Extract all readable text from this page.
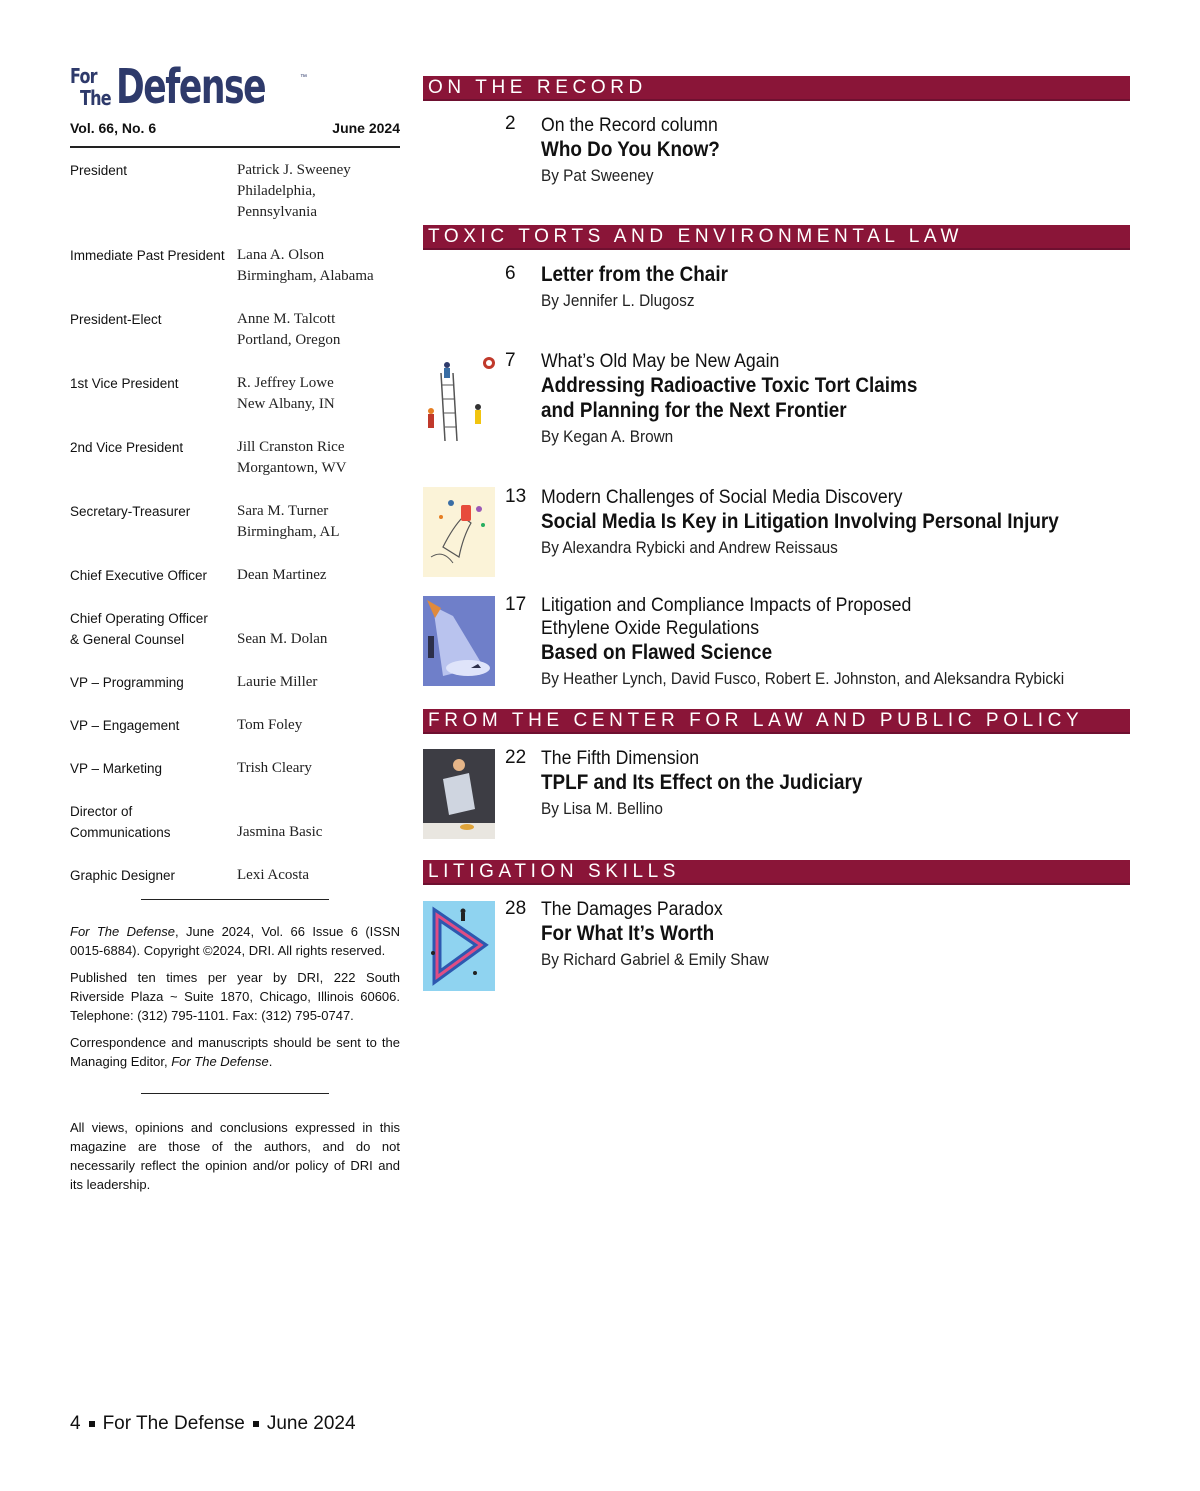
For
The Defense	™
Vol. 66, No. 6	June 2024
President	Patrick J. Sweeney
Philadelphia,
Pennsylvania
Immediate Past President Lana A. Olson
Birmingham, Alabama
President-Elect	Anne M. Talcott
Portland, Oregon
1st Vice President	R. Jeffrey Lowe
New Albany, IN
2nd Vice President	Jill Cranston Rice
Morgantown, WV
Secretary-Treasurer	Sara M. Turner
Birmingham, AL
Chief Executive Officer	Dean Martinez
Chief Operating Officer
& General Counsel	Sean M. Dolan
VP – Programming	Laurie Miller
VP – Engagement	Tom Foley
VP – Marketing	Trish Cleary
Director of
Communications	Jasmina Basic
Graphic Designer	Lexi Acosta

For The Defense, June 2024, Vol. 66 Issue 6 (ISSN 0015-6884). Copyright ©2024, DRI. All rights reserved.

Published ten times per year by DRI, 222 South Riverside Plaza ~ Suite 1870, Chicago, Illinois 60606. Telephone: (312) 795-1101. Fax: (312) 795-0747.

Correspondence and manuscripts should be sent to the Managing Editor, For The Defense.

All views, opinions and conclusions expressed in this magazine are those of the authors, and do not necessarily reflect the opinion and/or policy of DRI and its leadership.

ON THE RECORD
2 On the Record column
Who Do You Know?
By Pat Sweeney
TOXIC TORTS AND ENVIRONMENTAL LAW
6 Letter from the Chair
By Jennifer L. Dlugosz
7 What’s Old May be New Again
Addressing Radioactive Toxic Tort Claims
and Planning for the Next Frontier
By Kegan A. Brown
13 Modern Challenges of Social Media Discovery
Social Media Is Key in Litigation Involving Personal Injury
By Alexandra Rybicki and Andrew Reissaus
17 Litigation and Compliance Impacts of Proposed
Ethylene Oxide Regulations
Based on Flawed Science
By Heather Lynch, David Fusco, Robert E. Johnston, and Aleksandra Rybicki
FROM THE CENTER FOR LAW AND PUBLIC POLICY
22 The Fifth Dimension
TPLF and Its Effect on the Judiciary
By Lisa M. Bellino
LITIGATION SKILLS
28 The Damages Paradox
For What It’s Worth
By Richard Gabriel & Emily Shaw
4 For The Defense June 2024
